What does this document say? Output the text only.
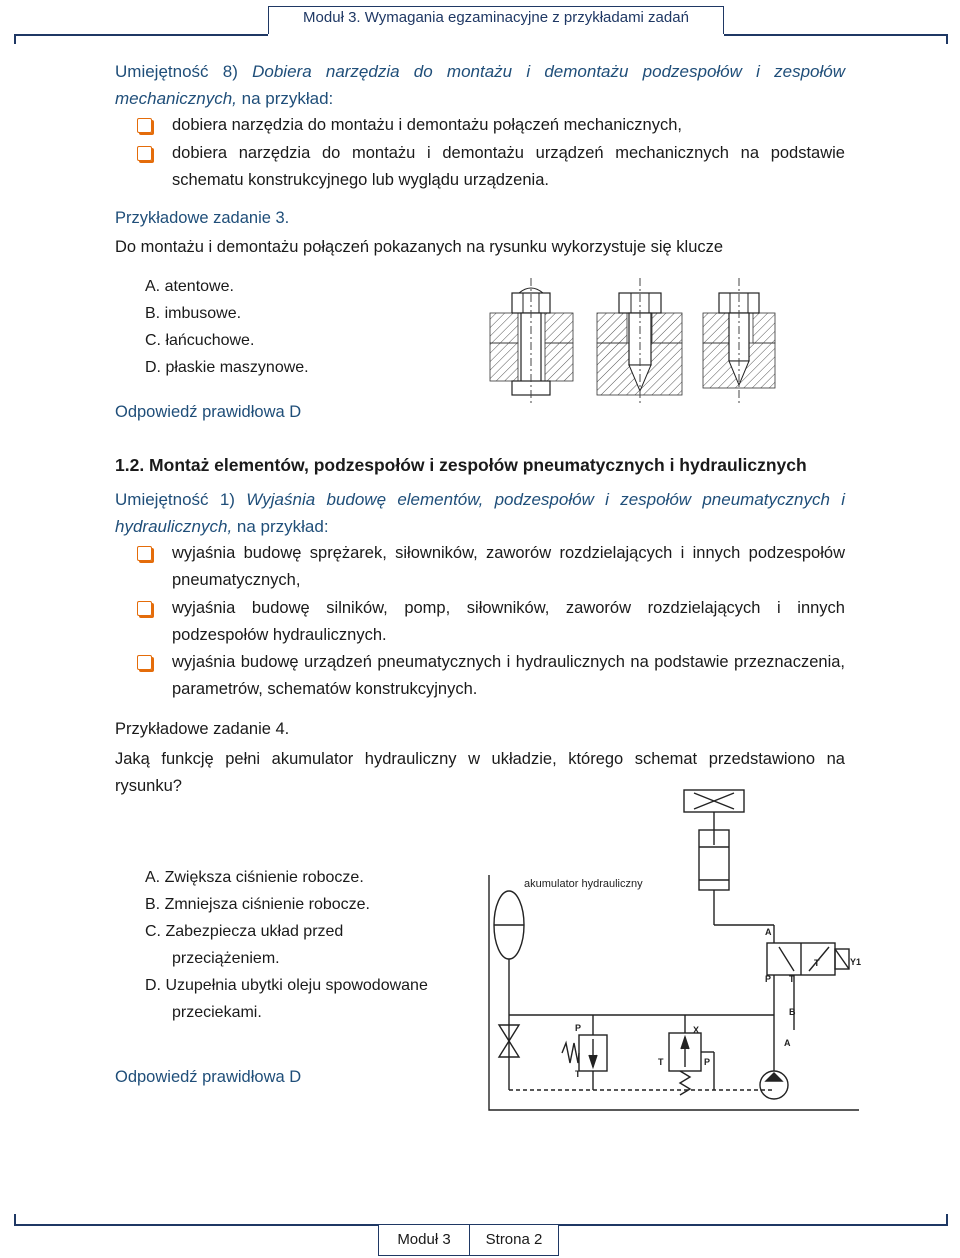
Moduł 3. Wymagania egzaminacyjne z przykładami zadań
Umiejętność 8) Dobiera narzędzia do montażu i demontażu podzespołów i zespołów mechanicznych, na przykład:
dobiera narzędzia do montażu i demontażu połączeń mechanicznych,
dobiera narzędzia do montażu i demontażu urządzeń mechanicznych na podstawie schematu konstrukcyjnego lub wyglądu urządzenia.
Przykładowe zadanie 3.
Do montażu i demontażu połączeń pokazanych na rysunku wykorzystuje się klucze
A. atentowe.
B. imbusowe.
C. łańcuchowe.
D. płaskie maszynowe.
Odpowiedź prawidłowa D
1.2. Montaż elementów, podzespołów i zespołów pneumatycznych i hydraulicznych
Umiejętność 1) Wyjaśnia budowę elementów, podzespołów i zespołów pneumatycznych i hydraulicznych, na przykład:
wyjaśnia budowę sprężarek, siłowników, zaworów rozdzielających i innych podzespołów pneumatycznych,
wyjaśnia budowę silników, pomp, siłowników, zaworów rozdzielających i innych podzespołów hydraulicznych.
wyjaśnia budowę urządzeń pneumatycznych i hydraulicznych na podstawie przeznaczenia, parametrów, schematów konstrukcyjnych.
Przykładowe zadanie 4.
Jaką funkcję pełni akumulator hydrauliczny w układzie, którego schemat przedstawiono na rysunku?
A. Zwiększa ciśnienie robocze.
B. Zmniejsza ciśnienie robocze.
C. Zabezpiecza układ przed
przeciążeniem.
D. Uzupełnia ubytki oleju spowodowane
przeciekami.
Odpowiedź prawidłowa D
akumulator hydrauliczny
A
B
P T
T	Y1
P
T
X
T	P
A
Moduł 3	Strona 2
